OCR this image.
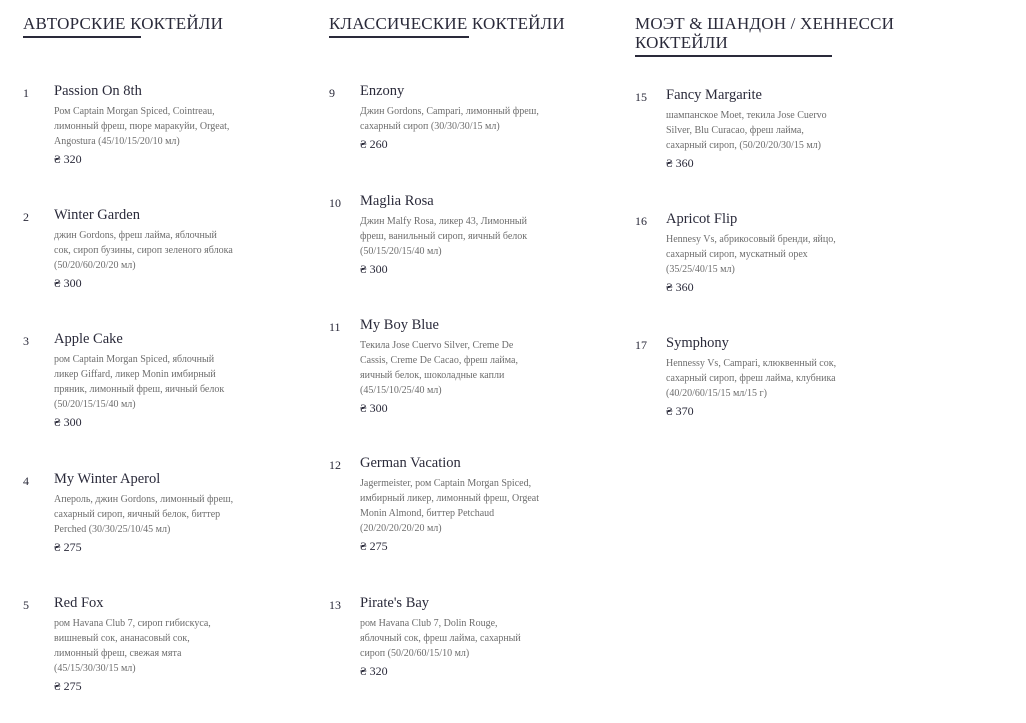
АВТОРСКИЕ КОКТЕЙЛИ
1 Passion On 8th

Ром Captain Morgan Spiced, Cointreau, лимонный фреш, пюре маракуйи, Orgeat, Angostura (45/10/15/20/10 мл)

₴ 320
2 Winter Garden

джин Gordons, фреш лайма, яблочный сок, сироп бузины, сироп зеленого яблока (50/20/60/20/20 мл)

₴ 300
3 Apple Cake

ром Captain Morgan Spiced, яблочный ликер Giffard, ликер Monin имбирный пряник, лимонный фреш, яичный белок (50/20/15/15/40 мл)

₴ 300
4 My Winter Aperol

Апероль, джин Gordons, лимонный фреш, сахарный сироп, яичный белок, биттер Perched (30/30/25/10/45 мл)

₴ 275
5 Red Fox

ром Havana Club 7, сироп гибискуса, вишневый сок, ананасовый сок, лимонный фреш, свежая мята (45/15/30/30/15 мл)

₴ 275
КЛАССИЧЕСКИЕ КОКТЕЙЛИ
9 Enzony

Джин Gordons, Campari, лимонный фреш, сахарный сироп (30/30/30/15 мл)

₴ 260
10 Maglia Rosa

Джин Malfy Rosa, ликер 43, Лимонный фреш, ванильный сироп, яичный белок (50/15/20/15/40 мл)

₴ 300
11 My Boy Blue

Текила Jose Cuervo Silver, Creme De Cassis, Creme De Cacao, фреш лайма, яичный белок, шоколадные капли (45/15/10/25/40 мл)

₴ 300
12 German Vacation

Jagermeister, ром Captain Morgan Spiced, имбирный ликер, лимонный фреш, Orgeat Monin Almond, биттер Petchaud (20/20/20/20/20 мл)

₴ 275
13 Pirate's Bay

ром Havana Club 7, Dolin Rouge, яблочный сок, фреш лайма, сахарный сироп (50/20/60/15/10 мл)

₴ 320
МОЭТ & ШАНДОН / ХЕННЕССИ
КОКТЕЙЛИ
15 Fancy Margarite

шампанское Moet, текила Jose Cuervo Silver, Blu Curacao, фреш лайма, сахарный сироп, (50/20/20/30/15 мл)

₴ 360
16 Apricot Flip

Hennesy Vs, абрикосовый бренди, яйцо, сахарный сироп, мускатный орех (35/25/40/15 мл)

₴ 360
17 Symphony

Hennessy Vs, Campari, клюквенный сок, сахарный сироп, фреш лайма, клубника (40/20/60/15/15 мл/15 г)

₴ 370
